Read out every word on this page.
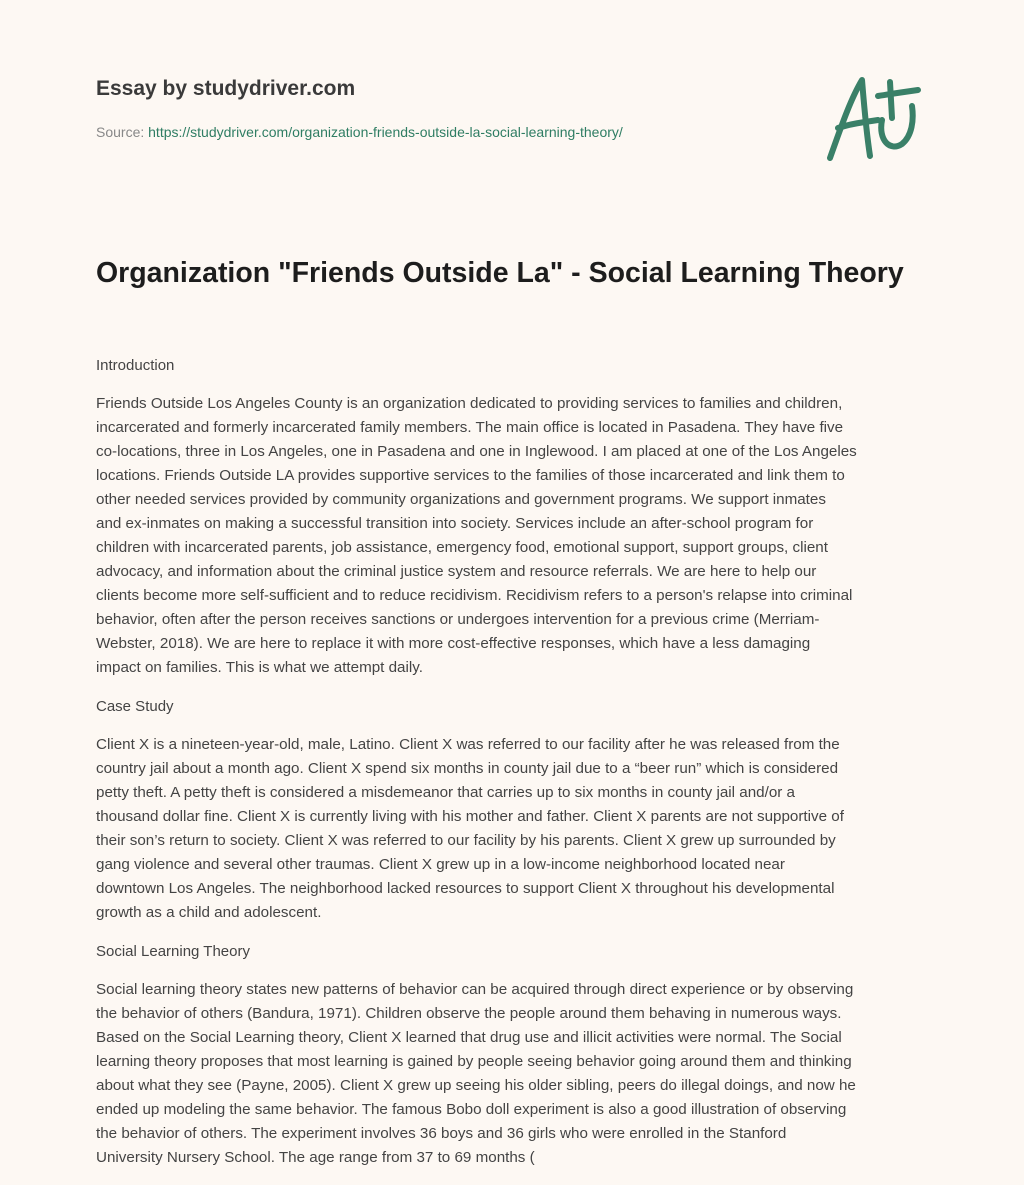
Essay by studydriver.com
Source: https://studydriver.com/organization-friends-outside-la-social-learning-theory/
Organization "Friends Outside La" - Social Learning Theory
Introduction
Friends Outside Los Angeles County is an organization dedicated to providing services to families and children,
incarcerated and formerly incarcerated family members. The main office is located in Pasadena. They have five
co-locations, three in Los Angeles, one in Pasadena and one in Inglewood. I am placed at one of the Los Angeles
locations. Friends Outside LA provides supportive services to the families of those incarcerated and link them to
other needed services provided by community organizations and government programs. We support inmates
and ex-inmates on making a successful transition into society. Services include an after-school program for
children with incarcerated parents, job assistance, emergency food, emotional support, support groups, client
advocacy, and information about the criminal justice system and resource referrals. We are here to help our
clients become more self-sufficient and to reduce recidivism. Recidivism refers to a person's relapse into criminal
behavior, often after the person receives sanctions or undergoes intervention for a previous crime (Merriam-
Webster, 2018). We are here to replace it with more cost-effective responses, which have a less damaging
impact on families. This is what we attempt daily.
Case Study
Client X is a nineteen-year-old, male, Latino. Client X was referred to our facility after he was released from the
country jail about a month ago. Client X spend six months in county jail due to a “beer run” which is considered
petty theft. A petty theft is considered a misdemeanor that carries up to six months in county jail and/or a
thousand dollar fine. Client X is currently living with his mother and father. Client X parents are not supportive of
their son’s return to society. Client X was referred to our facility by his parents. Client X grew up surrounded by
gang violence and several other traumas. Client X grew up in a low-income neighborhood located near
downtown Los Angeles. The neighborhood lacked resources to support Client X throughout his developmental
growth as a child and adolescent.
Social Learning Theory
Social learning theory states new patterns of behavior can be acquired through direct experience or by observing
the behavior of others (Bandura, 1971). Children observe the people around them behaving in numerous ways.
Based on the Social Learning theory, Client X learned that drug use and illicit activities were normal. The Social
learning theory proposes that most learning is gained by people seeing behavior going around them and thinking
about what they see (Payne, 2005). Client X grew up seeing his older sibling, peers do illegal doings, and now he
ended up modeling the same behavior. The famous Bobo doll experiment is also a good illustration of observing
the behavior of others. The experiment involves 36 boys and 36 girls who were enrolled in the Stanford
University Nursery School. The age range from 37 to 69 months (
